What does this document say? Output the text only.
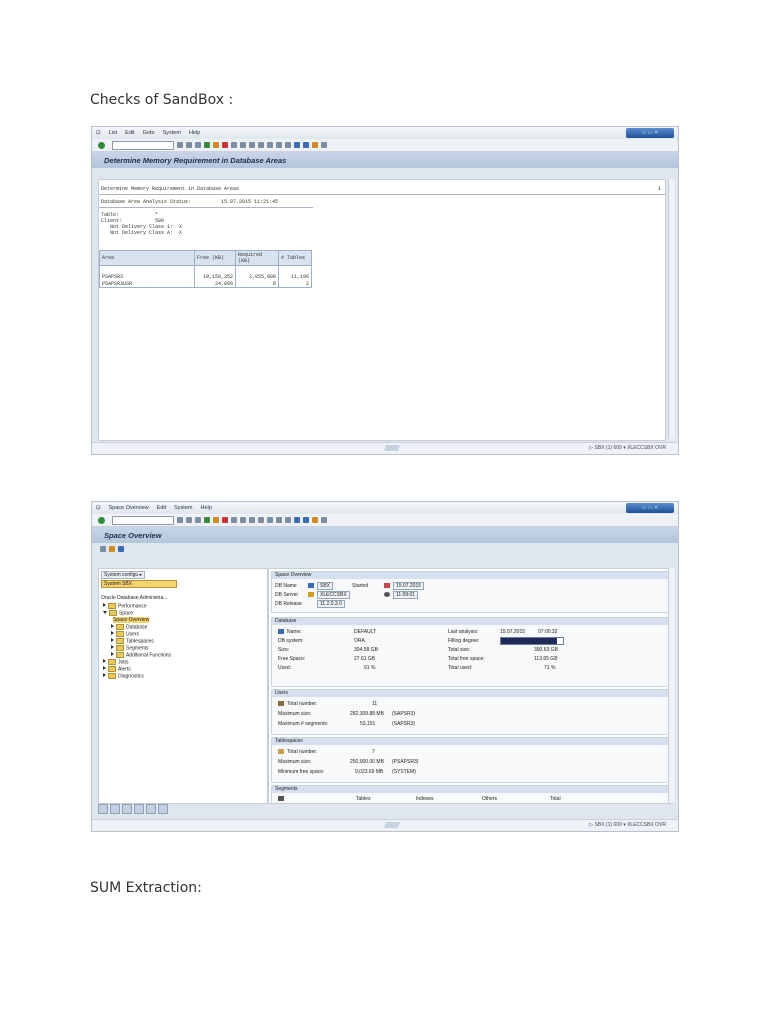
Checks of SandBox :
SUM Extraction:
⊡ List Edit Goto System Help	▭ ▭ ✕
Determine Memory Requirement in Database Areas
Determine Memory Requirement in Database Areas	1
Database Area Analysis Status:	15.07.2015 11:21:45
Table:            *
Client:           500
Not Delivery Class 1:  X
Not Delivery Class A:  X
Area	Free (KB)	Required (KB)	# Tables

PSAPSR3	10,150,352	2,055,008	11,196
PSAPSR3USR	24,896	8	2
▷ SBX (1) 600 ▾ XLECCSBX OVR
⊡ Space Overview Edit System Help	▭ ▭ ✕
Space Overview
System configu ▸
System SBX
Oracle Database Administra...
Performance
Space
Space Overview
Database
Users
Tablespaces
Segments
Additional Functions
Jobs
Alerts
Diagnostics
Space Overview
DB Name	SBX	Started	15.07.2015
DB Server	XLECCSBX	11:09:01
DB Release	11.2.0.3.0
Database
Name:	DEFAULT
DB system:	ORA
Size:	304.58 GB
Free Space:	27.61 GB
Used:	91 %
Last analysis:	15.07.2015	07:00:32
Filling degree:
Total size:	390.63 GB
Total free space:	113.65 GB
Total used:	71 %
Users
Total number:	11
Maximum size:	282,309.88 MB (SAPSR3)
Maximum # segments:	53,151	(SAPSR3)
Tablespaces
Total number:	7
Maximum size:	250,000.00 MB (PSAPSR3)
Minimum free space:	9,023.69 MB (SYSTEM)
Segments
Tables	Indexes	Others	Total
▷ SBX (1) 600 ▾ XLECCSBX OVR
